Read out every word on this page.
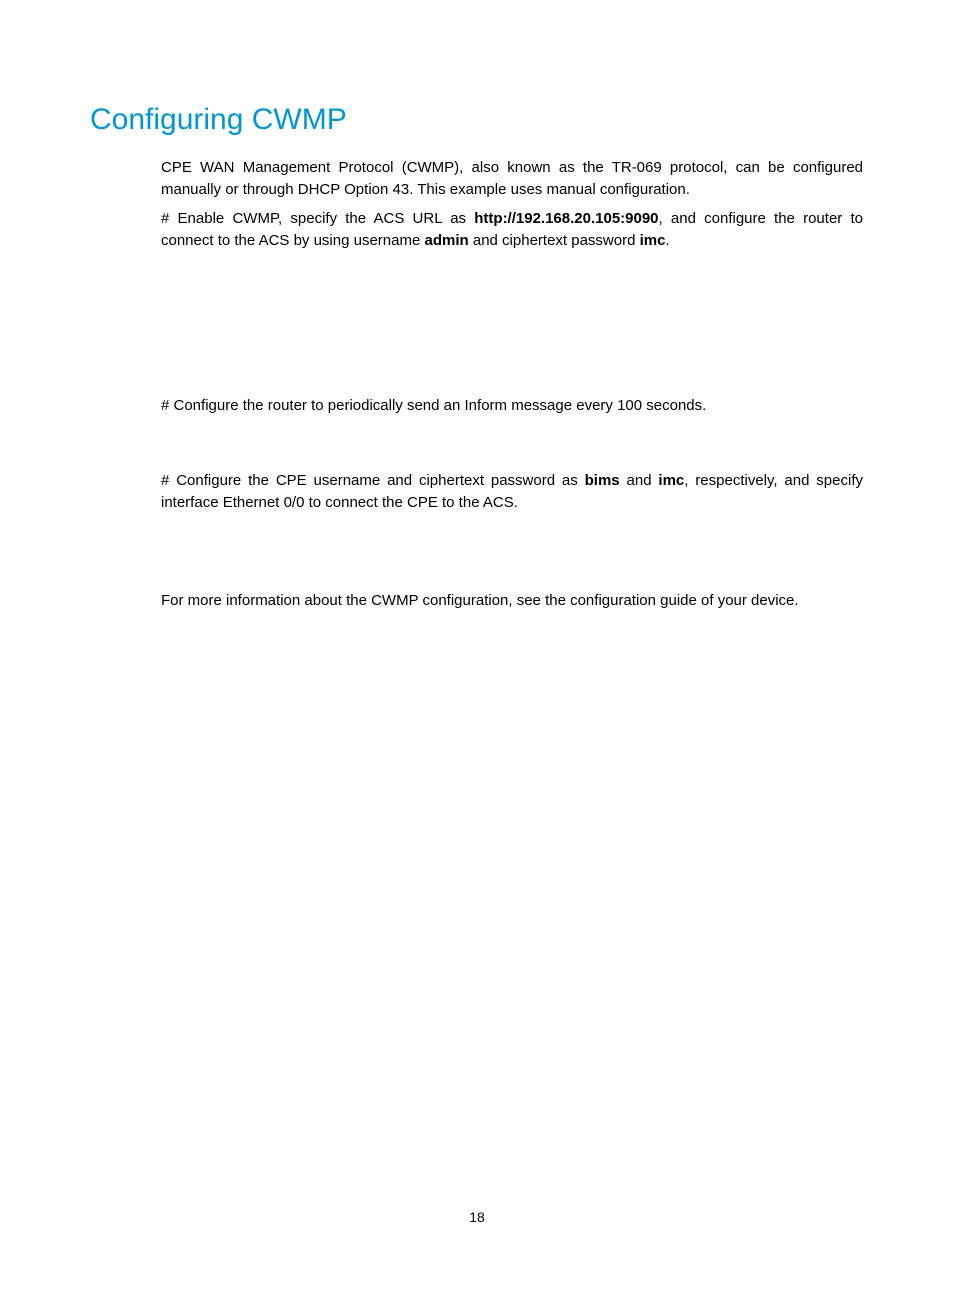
Configuring CWMP

CPE WAN Management Protocol (CWMP), also known as the TR-069 protocol, can be configured manually or through DHCP Option 43. This example uses manual configuration.

# Enable CWMP, specify the ACS URL as http://192.168.20.105:9090, and configure the router to connect to the ACS by using username admin and ciphertext password imc.

# Configure the router to periodically send an Inform message every 100 seconds.

# Configure the CPE username and ciphertext password as bims and imc, respectively, and specify interface Ethernet 0/0 to connect the CPE to the ACS.

For more information about the CWMP configuration, see the configuration guide of your device.

18
